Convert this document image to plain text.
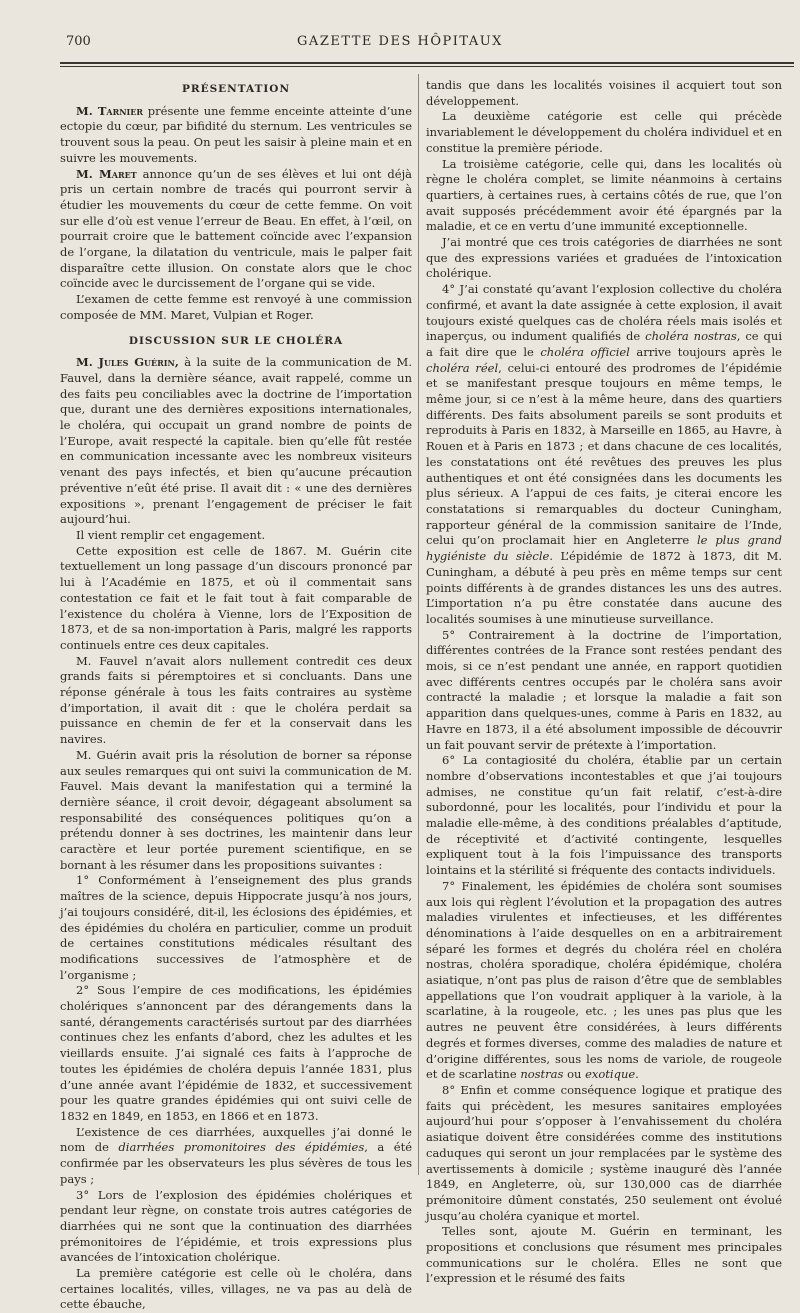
700	GAZETTE DES HÔPITAUX
PRÉSENTATION

M. Tarnier présente une femme enceinte atteinte d’une ectopie du cœur, par bifidité du sternum. Les ventricules se trouvent sous la peau. On peut les saisir à pleine main et en suivre les mouvements.

M. Maret annonce qu’un de ses élèves et lui ont déjà pris un certain nombre de tracés qui pourront servir à étudier les mouvements du cœur de cette femme. On voit sur elle d’où est venue l’erreur de Beau. En effet, à l’œil, on pourrait croire que le battement coïncide avec l’expansion de l’organe, la dilatation du ventricule, mais le palper fait disparaître cette illusion. On constate alors que le choc coïncide avec le durcissement de l’organe qui se vide.

L’examen de cette femme est renvoyé à une commission composée de MM. Maret, Vulpian et Roger.

DISCUSSION SUR LE CHOLÉRA

M. Jules Guérin, à la suite de la communication de M. Fauvel, dans la dernière séance, avait rappelé, comme un des faits peu conciliables avec la doctrine de l’importation que, durant une des dernières expositions internationales, le choléra, qui occupait un grand nombre de points de l’Europe, avait respecté la capitale. bien qu’elle fût restée en communication incessante avec les nombreux visiteurs venant des pays infectés, et bien qu’aucune précaution préventive n’eût été prise. Il avait dit : « une des dernières expositions », prenant l’engagement de préciser le fait aujourd’hui.

Il vient remplir cet engagement.

Cette exposition est celle de 1867. M. Guérin cite textuellement un long passage d’un discours prononcé par lui à l’Académie en 1875, et où il commentait sans contestation ce fait et le fait tout à fait comparable de l’existence du choléra à Vienne, lors de l’Exposition de 1873, et de sa non-importation à Paris, malgré les rapports continuels entre ces deux capitales.

M. Fauvel n’avait alors nullement contredit ces deux grands faits si péremptoires et si concluants. Dans une réponse générale à tous les faits contraires au système d’importation, il avait dit : que le choléra perdait sa puissance en chemin de fer et la conservait dans les navires.

M. Guérin avait pris la résolution de borner sa réponse aux seules remarques qui ont suivi la communication de M. Fauvel. Mais devant la manifestation qui a terminé la dernière séance, il croit devoir, dégageant absolument sa responsabilité des conséquences politiques qu’on a prétendu donner à ses doctrines, les maintenir dans leur caractère et leur portée purement scientifique, en se bornant à les résumer dans les propositions suivantes :

1° Conformément à l’enseignement des plus grands maîtres de la science, depuis Hippocrate jusqu’à nos jours, j’ai toujours considéré, dit-il, les éclosions des épidémies, et des épidémies du choléra en particulier, comme un produit de certaines constitutions médicales résultant des modifications successives de l’atmosphère et de l’organisme ;

2° Sous l’empire de ces modifications, les épidémies cholériques s’annoncent par des dérangements dans la santé, dérangements caractérisés surtout par des diarrhées continues chez les enfants d’abord, chez les adultes et les vieillards ensuite. J’ai signalé ces faits à l’approche de toutes les épidémies de choléra depuis l’année 1831, plus d’une année avant l’épidémie de 1832, et successivement pour les quatre grandes épidémies qui ont suivi celle de 1832 en 1849, en 1853, en 1866 et en 1873.

L’existence de ces diarrhées, auxquelles j’ai donné le nom de diarrhées promonitoires des épidémies, a été confirmée par les observateurs les plus sévères de tous les pays ;

3° Lors de l’explosion des épidémies cholériques et pendant leur règne, on constate trois autres catégories de diarrhées qui ne sont que la continuation des diarrhées prémonitoires de l’épidémie, et trois expressions plus avancées de l’intoxication cholérique.

La première catégorie est celle où le choléra, dans certaines localités, villes, villages, ne va pas au delà de cette ébauche,

tandis que dans les localités voisines il acquiert tout son développement.

La deuxième catégorie est celle qui précède invariablement le développement du choléra individuel et en constitue la première période.

La troisième catégorie, celle qui, dans les localités où règne le choléra complet, se limite néanmoins à certains quartiers, à certaines rues, à certains côtés de rue, que l’on avait supposés précédemment avoir été épargnés par la maladie, et ce en vertu d’une immunité exceptionnelle.

J’ai montré que ces trois catégories de diarrhées ne sont que des expressions variées et graduées de l’intoxication cholérique.

4° J’ai constaté qu’avant l’explosion collective du choléra confirmé, et avant la date assignée à cette explosion, il avait toujours existé quelques cas de choléra réels mais isolés et inaperçus, ou indument qualifiés de choléra nostras, ce qui a fait dire que le choléra officiel arrive toujours après le choléra réel, celui-ci entouré des prodromes de l’épidémie et se manifestant presque toujours en même temps, le même jour, si ce n’est à la même heure, dans des quartiers différents. Des faits absolument pareils se sont produits et reproduits à Paris en 1832, à Marseille en 1865, au Havre, à Rouen et à Paris en 1873 ; et dans chacune de ces localités, les constatations ont été revêtues des preuves les plus authentiques et ont été consignées dans les documents les plus sérieux. A l’appui de ces faits, je citerai encore les constatations si remarquables du docteur Cuningham, rapporteur général de la commission sanitaire de l’Inde, celui qu’on proclamait hier en Angleterre le plus grand hygiéniste du siècle. L’épidémie de 1872 à 1873, dit M. Cuningham, a débuté à peu près en même temps sur cent points différents à de grandes distances les uns des autres. L’importation n’a pu être constatée dans aucune des localités soumises à une minutieuse surveillance.

5° Contrairement à la doctrine de l’importation, différentes contrées de la France sont restées pendant des mois, si ce n’est pendant une année, en rapport quotidien avec différents centres occupés par le choléra sans avoir contracté la maladie ; et lorsque la maladie a fait son apparition dans quelques-unes, comme à Paris en 1832, au Havre en 1873, il a été absolument impossible de découvrir un fait pouvant servir de prétexte à l’importation.

6° La contagiosité du choléra, établie par un certain nombre d’observations incontestables et que j’ai toujours admises, ne constitue qu’un fait relatif, c’est-à-dire subordonné, pour les localités, pour l’individu et pour la maladie elle-même, à des conditions préalables d’aptitude, de réceptivité et d’activité contingente, lesquelles expliquent tout à la fois l’impuissance des transports lointains et la stérilité si fréquente des contacts individuels.

7° Finalement, les épidémies de choléra sont soumises aux lois qui règlent l’évolution et la propagation des autres maladies virulentes et infectieuses, et les différentes dénominations à l’aide desquelles on en a arbitrairement séparé les formes et degrés du choléra réel en choléra nostras, choléra sporadique, choléra épidémique, choléra asiatique, n’ont pas plus de raison d’être que de semblables appellations que l’on voudrait appliquer à la variole, à la scarlatine, à la rougeole, etc. ; les unes pas plus que les autres ne peuvent être considérées, à leurs différents degrés et formes diverses, comme des maladies de nature et d’origine différentes, sous les noms de variole, de rougeole et de scarlatine nostras ou exotique.

8° Enfin et comme conséquence logique et pratique des faits qui précèdent, les mesures sanitaires employées aujourd’hui pour s’opposer à l’envahissement du choléra asiatique doivent être considérées comme des institutions caduques qui seront un jour remplacées par le système des avertissements à domicile ; système inauguré dès l’année 1849, en Angleterre, où, sur 130,000 cas de diarrhée prémonitoire dûment constatés, 250 seulement ont évolué jusqu’au choléra cyanique et mortel.

Telles sont, ajoute M. Guérin en terminant, les propositions et conclusions que résument mes principales communications sur le choléra. Elles ne sont que l’expression et le résumé des faits
